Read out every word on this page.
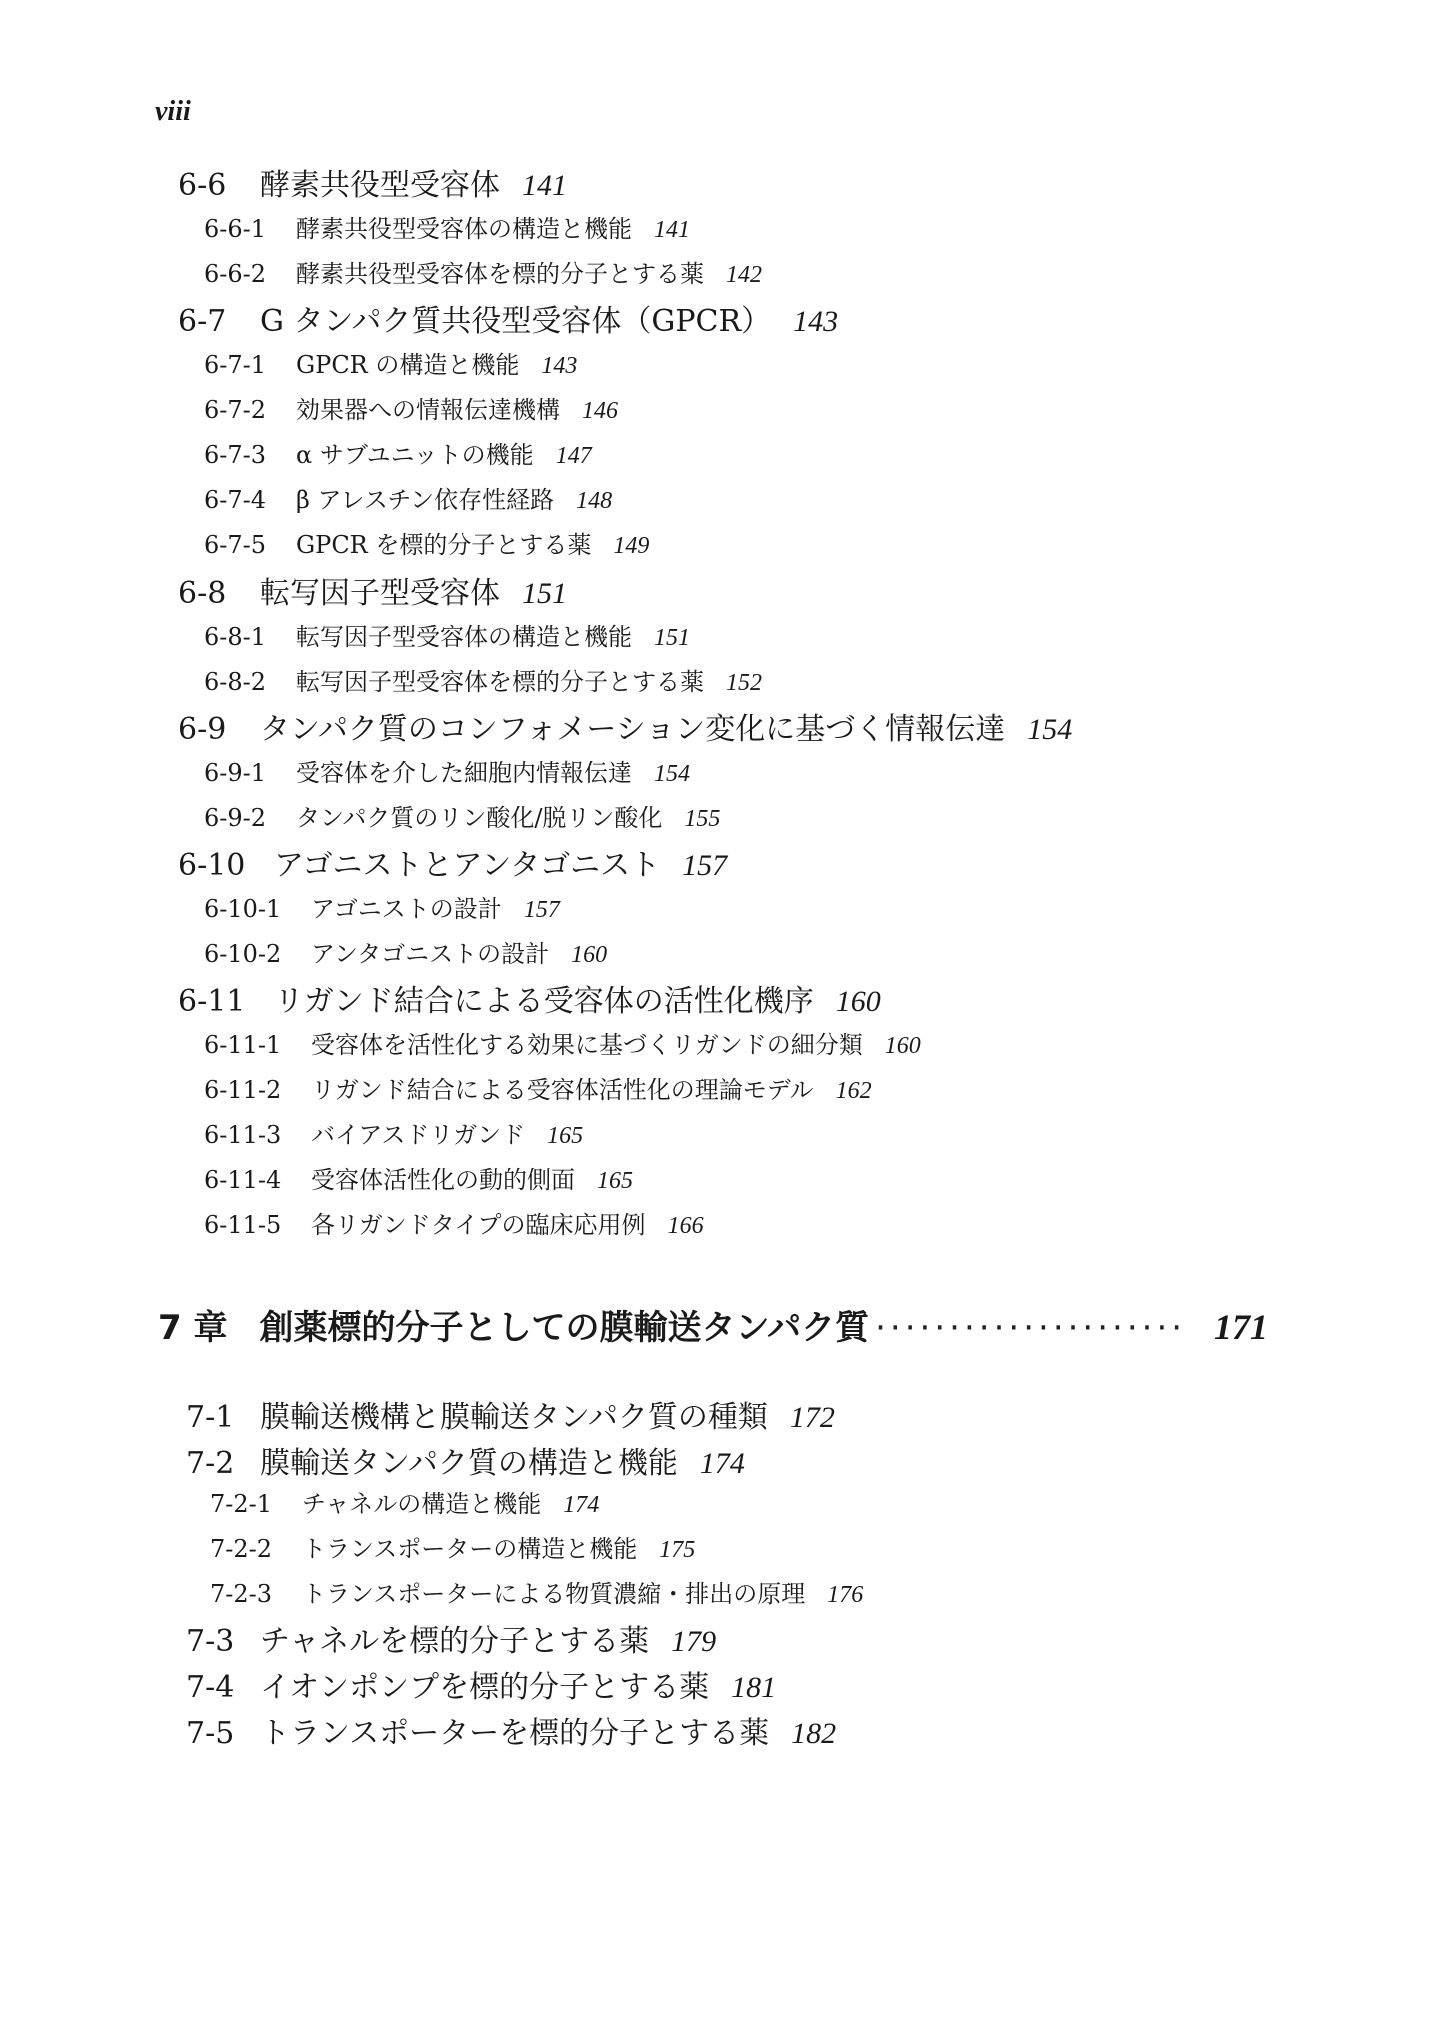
viii
6-6	酵素共役型受容体 141
6-6-1	酵素共役型受容体の構造と機能 141
6-6-2	酵素共役型受容体を標的分子とする薬 142
6-7	G タンパク質共役型受容体（GPCR） 143
6-7-1	GPCR の構造と機能 143
6-7-2	効果器への情報伝達機構 146
6-7-3	α サブユニットの機能 147
6-7-4	β アレスチン依存性経路 148
6-7-5	GPCR を標的分子とする薬 149
6-8	転写因子型受容体 151
6-8-1	転写因子型受容体の構造と機能 151
6-8-2	転写因子型受容体を標的分子とする薬 152
6-9	タンパク質のコンフォメーション変化に基づく情報伝達 154
6-9-1	受容体を介した細胞内情報伝達 154
6-9-2	タンパク質のリン酸化/脱リン酸化 155
6-10 アゴニストとアンタゴニスト 157
6-10-1	アゴニストの設計 157
6-10-2	アンタゴニストの設計 160
6-11 リガンド結合による受容体の活性化機序 160
6-11-1	受容体を活性化する効果に基づくリガンドの細分類 160
6-11-2	リガンド結合による受容体活性化の理論モデル 162
6-11-3	バイアスドリガンド 165
6-11-4	受容体活性化の動的側面 165
6-11-5	各リガンドタイプの臨床応用例 166
7 章 創薬標的分子としての膜輸送タンパク質 ····················· 171
7-1 膜輸送機構と膜輸送タンパク質の種類 172
7-2 膜輸送タンパク質の構造と機能 174
7-2-1	チャネルの構造と機能 174
7-2-2	トランスポーターの構造と機能 175
7-2-3	トランスポーターによる物質濃縮・排出の原理 176
7-3 チャネルを標的分子とする薬 179
7-4 イオンポンプを標的分子とする薬 181
7-5 トランスポーターを標的分子とする薬 182
